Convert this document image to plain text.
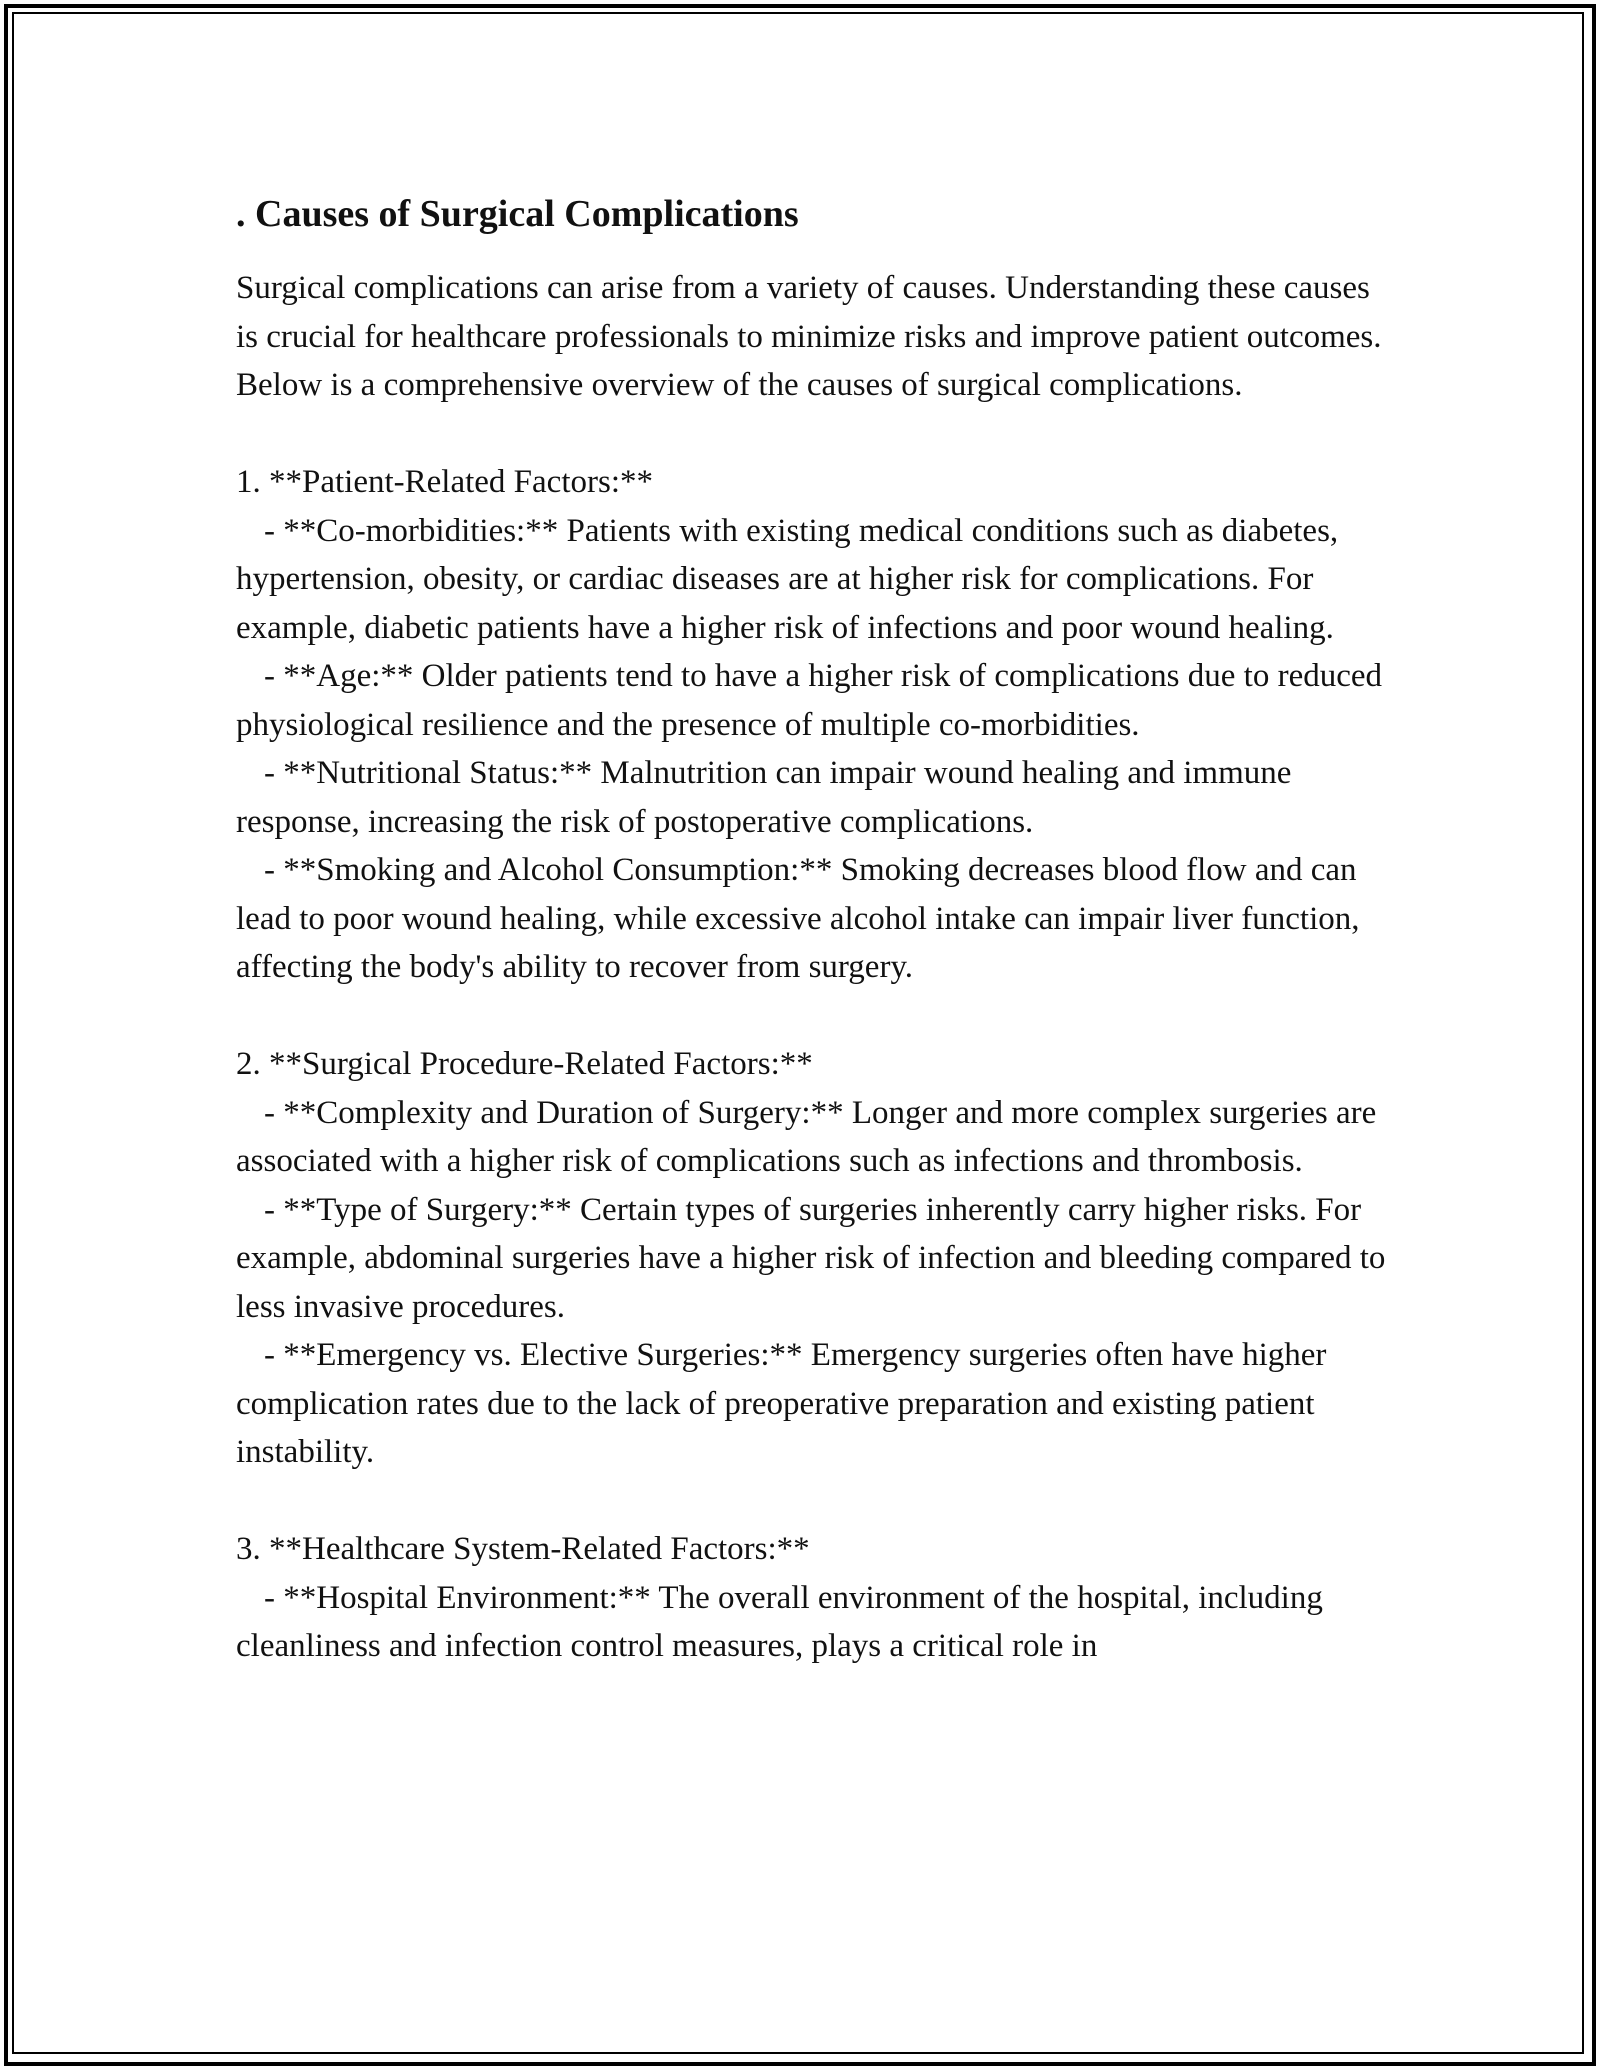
. Causes of Surgical Complications

Surgical complications can arise from a variety of causes. Understanding these causes is crucial for healthcare professionals to minimize risks and improve patient outcomes. Below is a comprehensive overview of the causes of surgical complications.

1. **Patient-Related Factors:**

- **Co-morbidities:** Patients with existing medical conditions such as diabetes, hypertension, obesity, or cardiac diseases are at higher risk for complications. For example, diabetic patients have a higher risk of infections and poor wound healing.

- **Age:** Older patients tend to have a higher risk of complications due to reduced physiological resilience and the presence of multiple co-morbidities.

- **Nutritional Status:** Malnutrition can impair wound healing and immune response, increasing the risk of postoperative complications.

- **Smoking and Alcohol Consumption:** Smoking decreases blood flow and can lead to poor wound healing, while excessive alcohol intake can impair liver function, affecting the body's ability to recover from surgery.

2. **Surgical Procedure-Related Factors:**

- **Complexity and Duration of Surgery:** Longer and more complex surgeries are associated with a higher risk of complications such as infections and thrombosis.

- **Type of Surgery:** Certain types of surgeries inherently carry higher risks. For example, abdominal surgeries have a higher risk of infection and bleeding compared to less invasive procedures.

- **Emergency vs. Elective Surgeries:** Emergency surgeries often have higher complication rates due to the lack of preoperative preparation and existing patient instability.

3. **Healthcare System-Related Factors:**

- **Hospital Environment:** The overall environment of the hospital, including cleanliness and infection control measures, plays a critical role in
